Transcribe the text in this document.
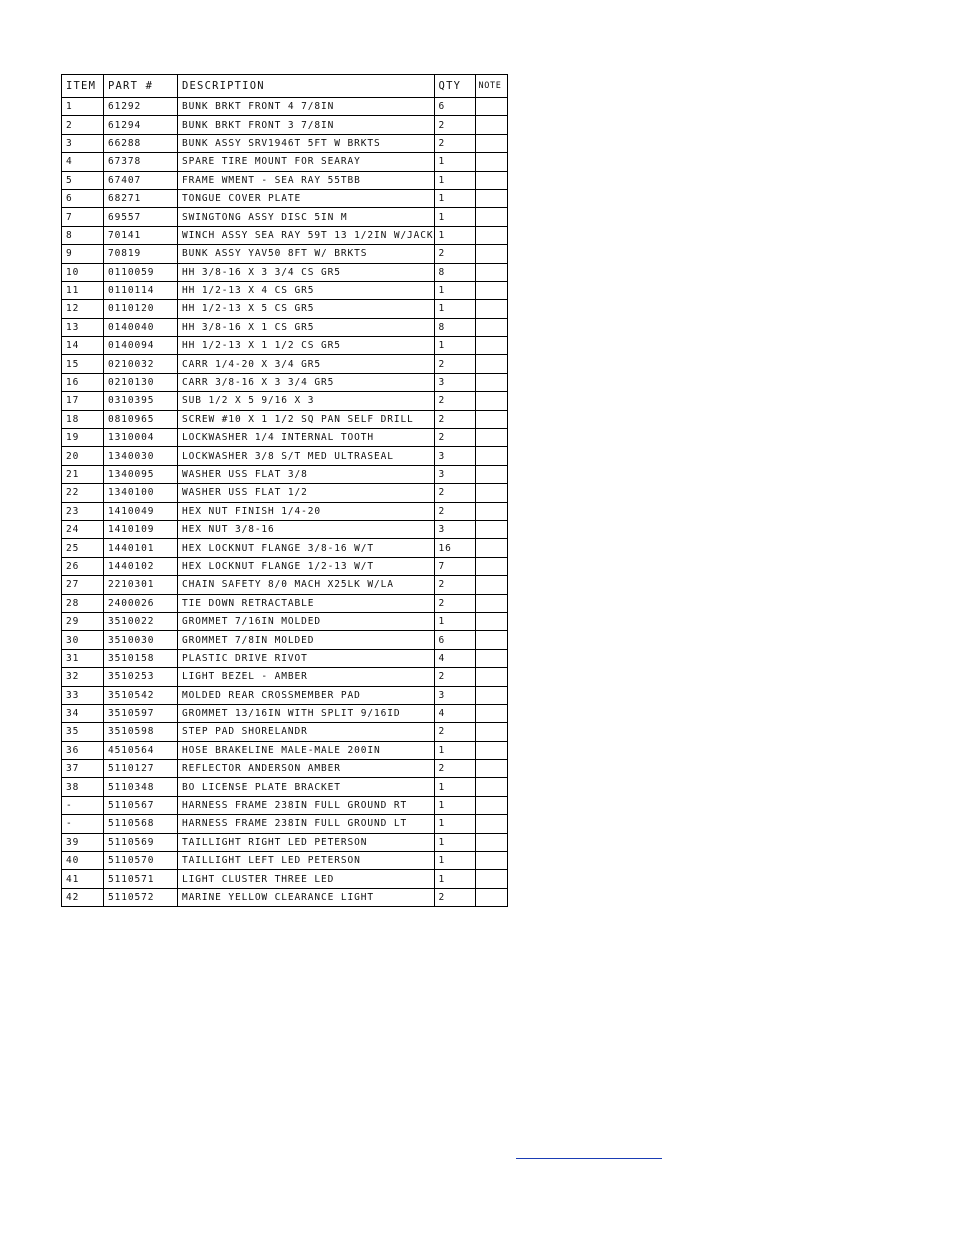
ITEM	PART #	DESCRIPTION	QTY	NOTE
1	61292	BUNK BRKT FRONT 4 7/8IN	6	
2	61294	BUNK BRKT FRONT 3 7/8IN	2	
3	66288	BUNK ASSY SRV1946T 5FT W BRKTS	2	
4	67378	SPARE TIRE MOUNT FOR SEARAY	1	
5	67407	FRAME WMENT - SEA RAY 55TBB	1	
6	68271	TONGUE COVER PLATE	1	
7	69557	SWINGTONG ASSY DISC 5IN M	1	
8	70141	WINCH ASSY SEA RAY 59T 13 1/2IN W/JACK	1	
9	70819	BUNK ASSY YAV50 8FT W/ BRKTS	2	
10	0110059	HH 3/8-16 X 3 3/4 CS GR5	8	
11	0110114	HH 1/2-13 X 4 CS GR5	1	
12	0110120	HH 1/2-13 X 5 CS GR5	1	
13	0140040	HH 3/8-16 X 1 CS GR5	8	
14	0140094	HH 1/2-13 X 1 1/2 CS GR5	1	
15	0210032	CARR 1/4-20 X 3/4 GR5	2	
16	0210130	CARR 3/8-16 X 3 3/4 GR5	3	
17	0310395	SUB 1/2 X 5 9/16 X 3	2	
18	0810965	SCREW #10 X 1 1/2 SQ PAN SELF DRILL	2	
19	1310004	LOCKWASHER 1/4 INTERNAL TOOTH	2	
20	1340030	LOCKWASHER 3/8 S/T MED ULTRASEAL	3	
21	1340095	WASHER USS FLAT 3/8	3	
22	1340100	WASHER USS FLAT 1/2	2	
23	1410049	HEX NUT FINISH 1/4-20	2	
24	1410109	HEX NUT 3/8-16	3	
25	1440101	HEX LOCKNUT FLANGE 3/8-16 W/T	16	
26	1440102	HEX LOCKNUT FLANGE 1/2-13 W/T	7	
27	2210301	CHAIN SAFETY 8/0 MACH X25LK W/LA	2	
28	2400026	TIE DOWN RETRACTABLE	2	
29	3510022	GROMMET 7/16IN MOLDED	1	
30	3510030	GROMMET 7/8IN MOLDED	6	
31	3510158	PLASTIC DRIVE RIVOT	4	
32	3510253	LIGHT BEZEL - AMBER	2	
33	3510542	MOLDED REAR CROSSMEMBER PAD	3	
34	3510597	GROMMET 13/16IN WITH SPLIT 9/16ID	4	
35	3510598	STEP PAD SHORELANDR	2	
36	4510564	HOSE BRAKELINE MALE-MALE 200IN	1	
37	5110127	REFLECTOR ANDERSON AMBER	2	
38	5110348	BO LICENSE PLATE BRACKET	1	
-	5110567	HARNESS FRAME 238IN FULL GROUND RT	1	
-	5110568	HARNESS FRAME 238IN FULL GROUND LT	1	
39	5110569	TAILLIGHT RIGHT LED PETERSON	1	
40	5110570	TAILLIGHT LEFT LED PETERSON	1	
41	5110571	LIGHT CLUSTER THREE LED	1	
42	5110572	MARINE YELLOW CLEARANCE LIGHT	2	
